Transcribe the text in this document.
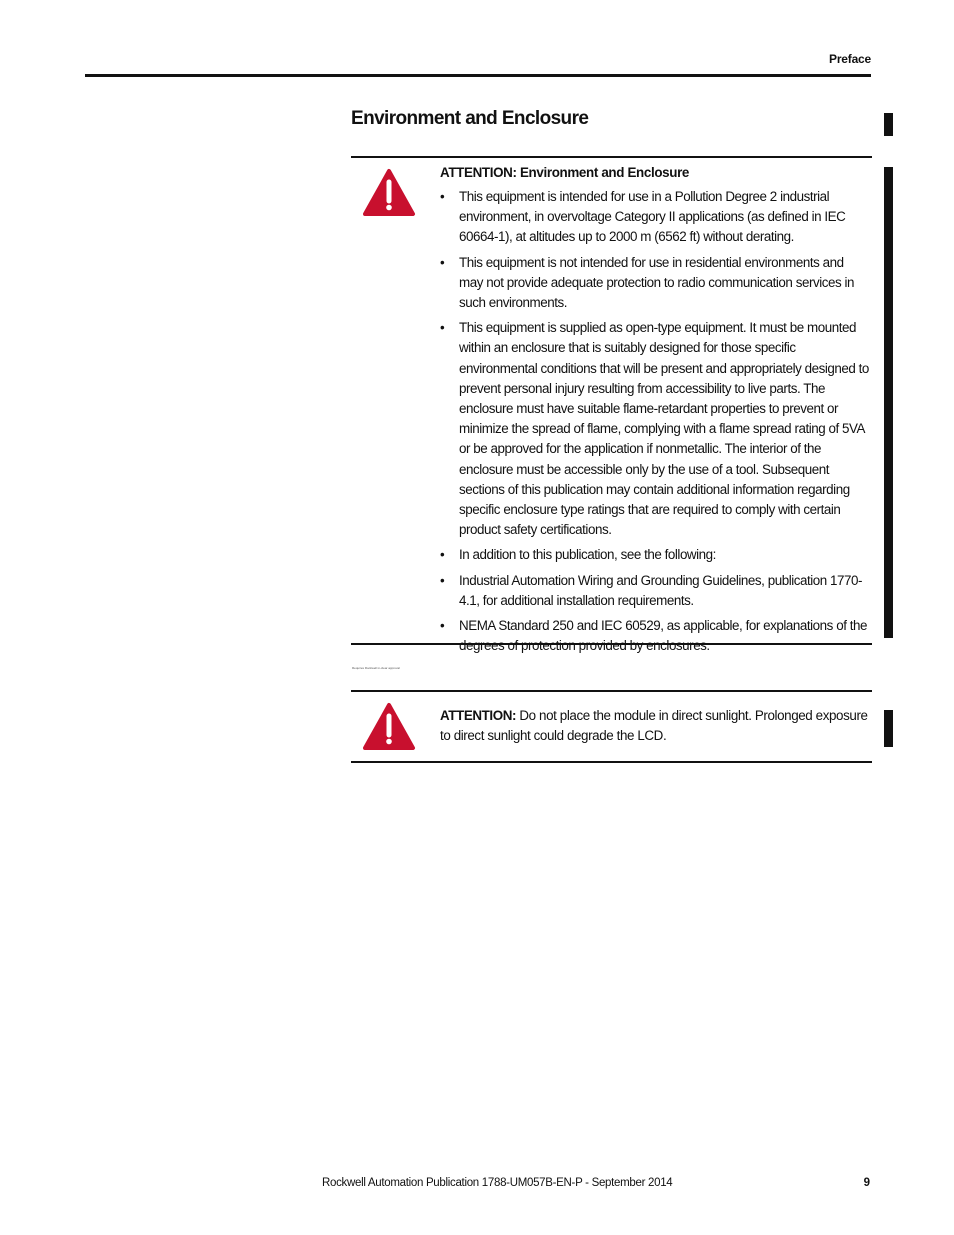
Preface
Environment and Enclosure
ATTENTION: Environment and Enclosure
• This equipment is intended for use in a Pollution Degree 2 industrial environment, in overvoltage Category II applications (as defined in IEC 60664-1), at altitudes up to 2000 m (6562 ft) without derating.
• This equipment is not intended for use in residential environments and may not provide adequate protection to radio communication services in such environments.
• This equipment is supplied as open-type equipment. It must be mounted within an enclosure that is suitably designed for those specific environmental conditions that will be present and appropriately designed to prevent personal injury resulting from accessibility to live parts. The enclosure must have suitable flame-retardant properties to prevent or minimize the spread of flame, complying with a flame spread rating of 5VA or be approved for the application if nonmetallic. The interior of the enclosure must be accessible only by the use of a tool. Subsequent sections of this publication may contain additional information regarding specific enclosure type ratings that are required to comply with certain product safety certifications.
• In addition to this publication, see the following:
• Industrial Automation Wiring and Grounding Guidelines, publication 1770-4.1, for additional installation requirements.
• NEMA Standard 250 and IEC 60529, as applicable, for explanations of the degrees of protection provided by enclosures.
Requires Rockwell in-clear approval
ATTENTION: Do not place the module in direct sunlight. Prolonged exposure to direct sunlight could degrade the LCD.
Rockwell Automation Publication 1788-UM057B-EN-P - September 2014	9
